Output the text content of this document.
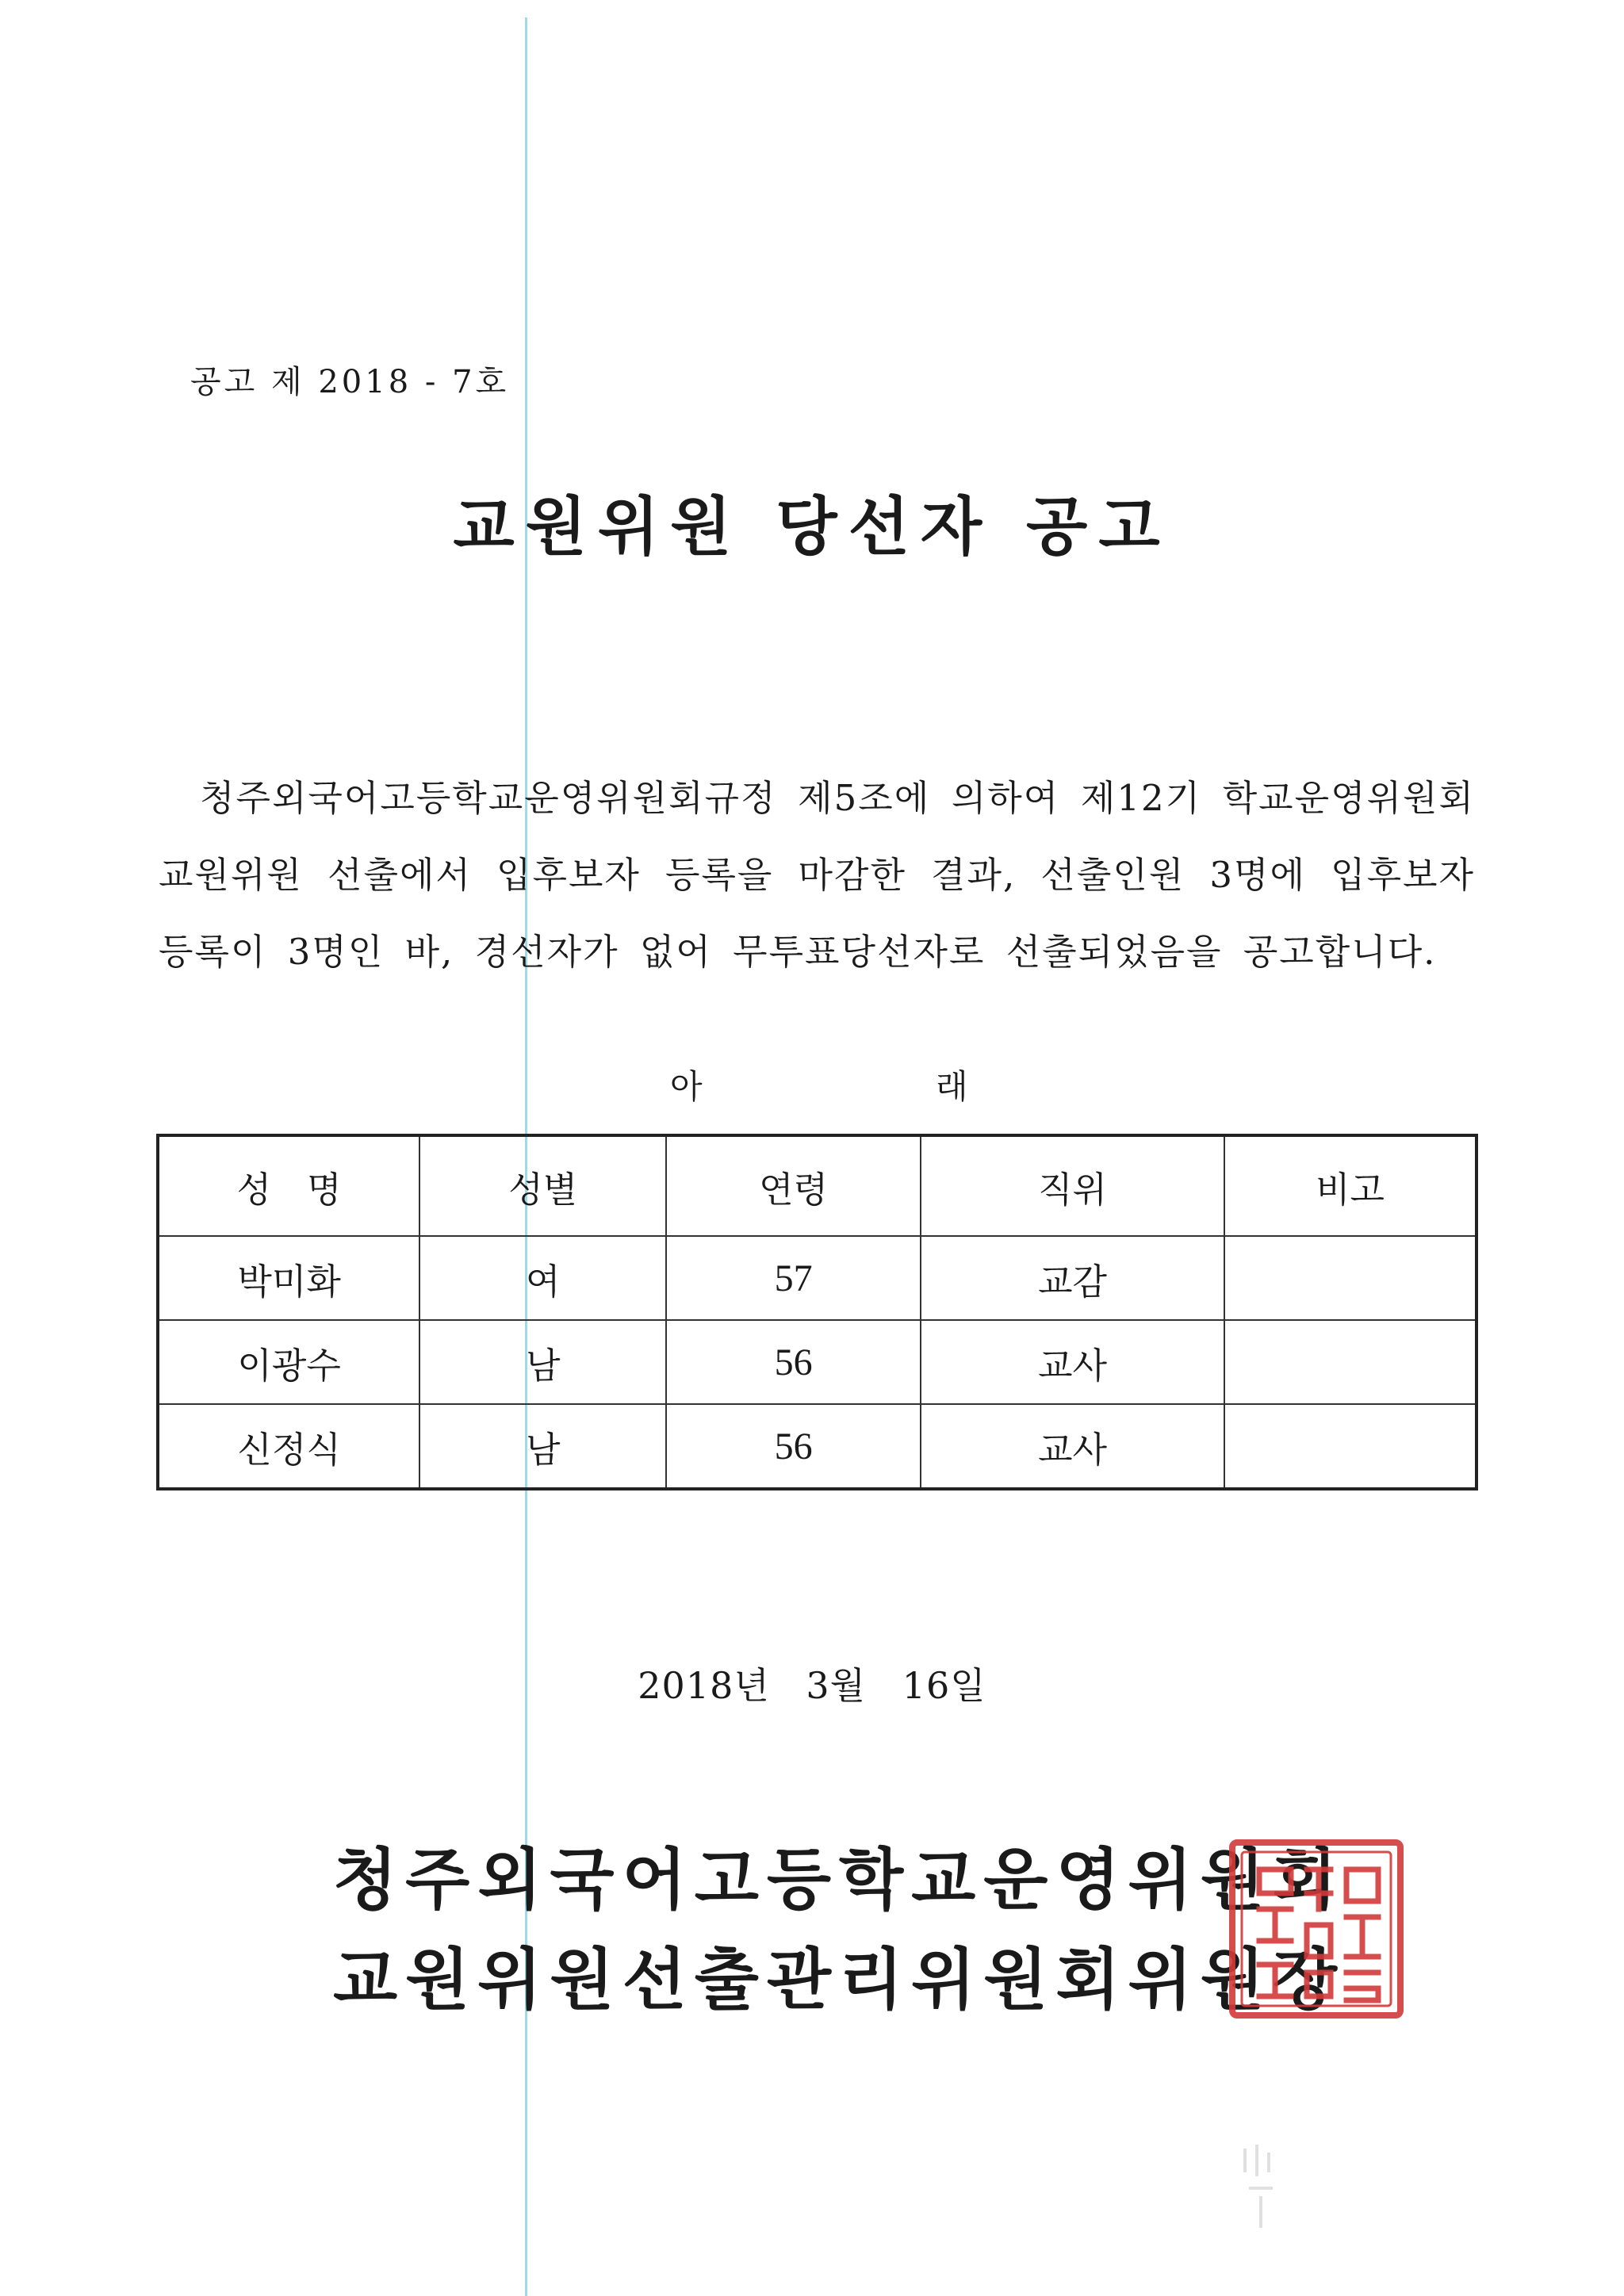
공고 제 2018 - 7호
교원위원 당선자 공고
청주외국어고등학교운영위원회규정 제5조에 의하여 제12기 학교운영위원회 교원위원 선출에서 입후보자 등록을 마감한 결과, 선출인원 3명에 입후보자 등록이 3명인 바, 경선자가 없어 무투표당선자로 선출되었음을 공고합니다.
아	래
성　명	성별	연령	직위	비고
박미화	여	57	교감	
이광수	남	56	교사	
신정식	남	56	교사	
2018년 3월 16일
청주외국어고등학교운영위원회
교원위원선출관리위원회위원장
